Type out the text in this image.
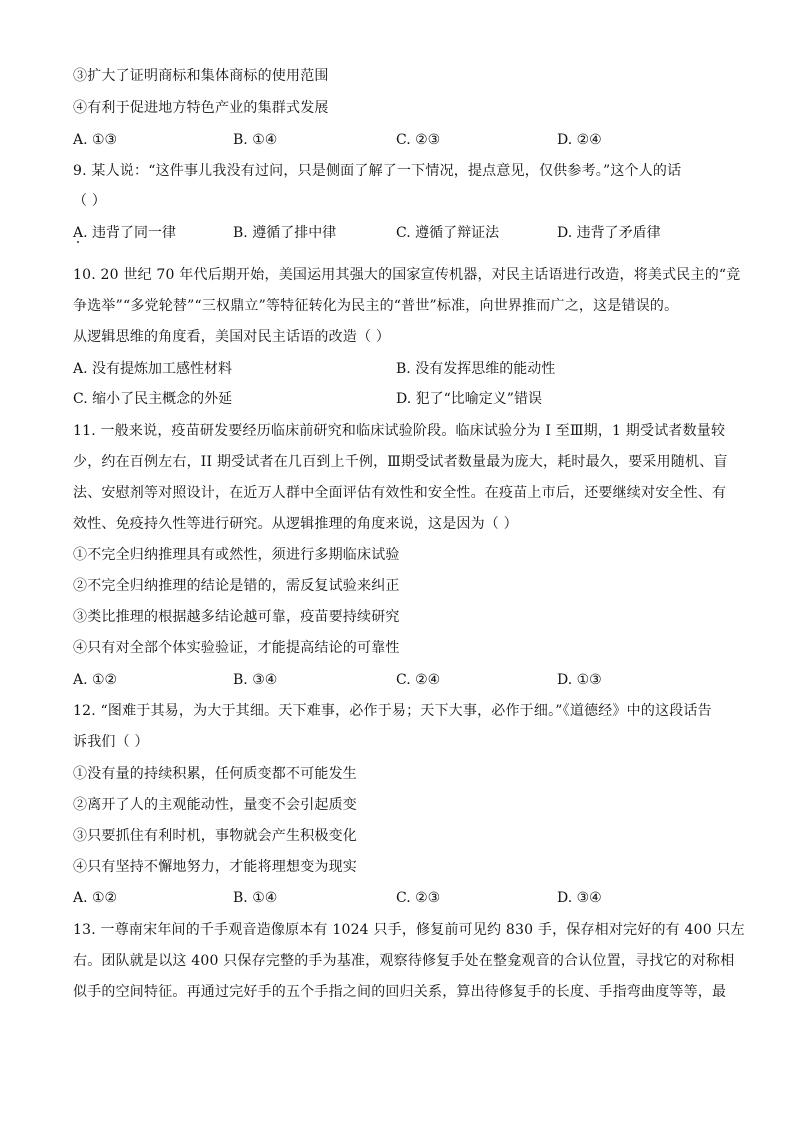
③扩大了证明商标和集体商标的使用范围
④有利于促进地方特色产业的集群式发展
A. ①③	B. ①④	C. ②③	D. ②④
9. 某人说：“这件事儿我没有过问，只是侧面了解了一下情况，提点意见，仅供参考。”这个人的话
（ ）
A. 违背了同一律	B. 遵循了排中律	C. 遵循了辩证法	D. 违背了矛盾律
10. 20 世纪 70 年代后期开始，美国运用其强大的国家宣传机器，对民主话语进行改造，将美式民主的“竞
争选举”“多党轮替”“三权鼎立”等特征转化为民主的“普世”标准，向世界推而广之，这是错误的。
从逻辑思维的角度看，美国对民主话语的改造（ ）
A. 没有提炼加工感性材料	B. 没有发挥思维的能动性
C. 缩小了民主概念的外延	D. 犯了“比喻定义”错误
11. 一般来说，疫苗研发要经历临床前研究和临床试验阶段。临床试验分为 I 至Ⅲ期，1 期受试者数量较
少，约在百例左右，II 期受试者在几百到上千例，Ⅲ期受试者数量最为庞大，耗时最久，要采用随机、盲
法、安慰剂等对照设计，在近万人群中全面评估有效性和安全性。在疫苗上市后，还要继续对安全性、有
效性、免疫持久性等进行研究。从逻辑推理的角度来说，这是因为（ ）
①不完全归纳推理具有或然性，须进行多期临床试验
②不完全归纳推理的结论是错的，需反复试验来纠正
③类比推理的根据越多结论越可靠，疫苗要持续研究
④只有对全部个体实验验证，才能提高结论的可靠性
A. ①②	B. ③④	C. ②④	D. ①③
12. “图难于其易，为大于其细。天下难事，必作于易；天下大事，必作于细。”《道德经》中的这段话告
诉我们（ ）
①没有量的持续积累，任何质变都不可能发生
②离开了人的主观能动性，量变不会引起质变
③只要抓住有利时机，事物就会产生积极变化
④只有坚持不懈地努力，才能将理想变为现实
A. ①②	B. ①④	C. ②③	D. ③④
13. 一尊南宋年间的千手观音造像原本有 1024 只手，修复前可见约 830 手，保存相对完好的有 400 只左
右。团队就是以这 400 只保存完整的手为基准，观察待修复手处在整龛观音的合认位置，寻找它的对称相
似手的空间特征。再通过完好手的五个手指之间的回归关系，算出待修复手的长度、手指弯曲度等等，最
